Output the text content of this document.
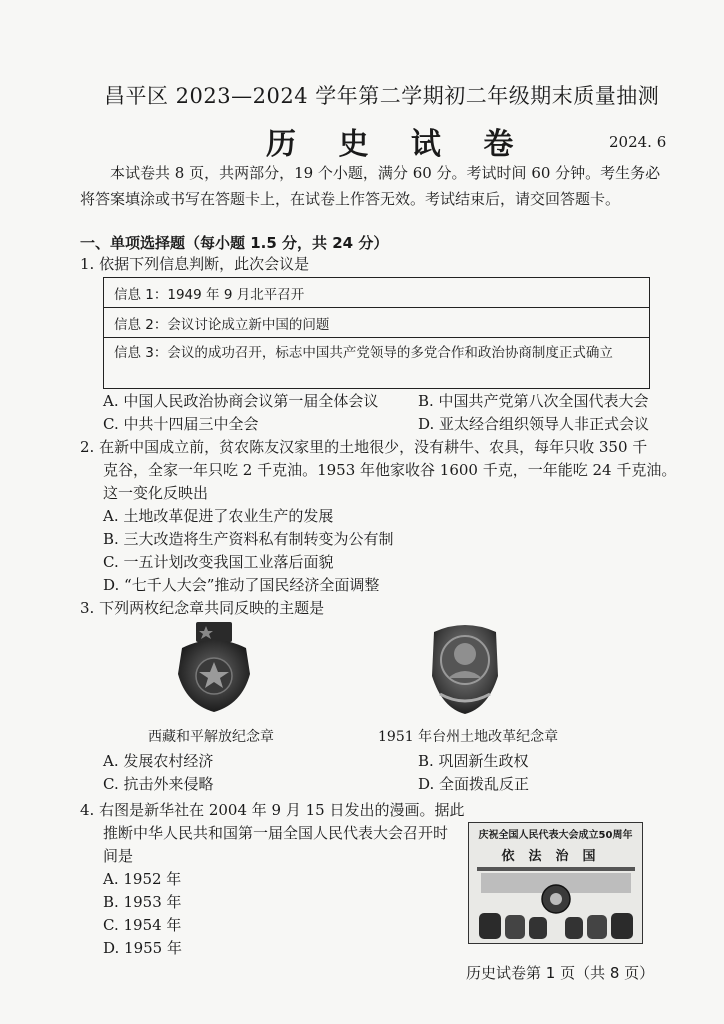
昌平区 2023—2024 学年第二学期初二年级期末质量抽测
历 史 试 卷	2024. 6
本试卷共 8 页，共两部分，19 个小题，满分 60 分。考试时间 60 分钟。考生务必
将答案填涂或书写在答题卡上，在试卷上作答无效。考试结束后，请交回答题卡。
一、单项选择题（每小题 1.5 分，共 24 分）
1. 依据下列信息判断，此次会议是
信息 1：1949 年 9 月北平召开
信息 2：会议讨论成立新中国的问题
信息 3：会议的成功召开，标志中国共产党领导的多党合作和政治协商制度正式确立
A. 中国人民政治协商会议第一届全体会议	B. 中国共产党第八次全国代表大会
C. 中共十四届三中全会	D. 亚太经合组织领导人非正式会议
2. 在新中国成立前，贫农陈友汉家里的土地很少，没有耕牛、农具，每年只收 350 千
克谷，全家一年只吃 2 千克油。1953 年他家收谷 1600 千克，一年能吃 24 千克油。
这一变化反映出
A. 土地改革促进了农业生产的发展
B. 三大改造将生产资料私有制转变为公有制
C. 一五计划改变我国工业落后面貌
D. “七千人大会”推动了国民经济全面调整
3. 下列两枚纪念章共同反映的主题是
西藏和平解放纪念章	1951 年台州土地改革纪念章
A. 发展农村经济	B. 巩固新生政权
C. 抗击外来侵略	D. 全面拨乱反正
4. 右图是新华社在 2004 年 9 月 15 日发出的漫画。据此
推断中华人民共和国第一届全国人民代表大会召开时
间是
A. 1952 年
B. 1953 年
C. 1954 年
D. 1955 年
庆祝全国人民代表大会成立50周年
依法治国
历史试卷第 1 页（共 8 页）
